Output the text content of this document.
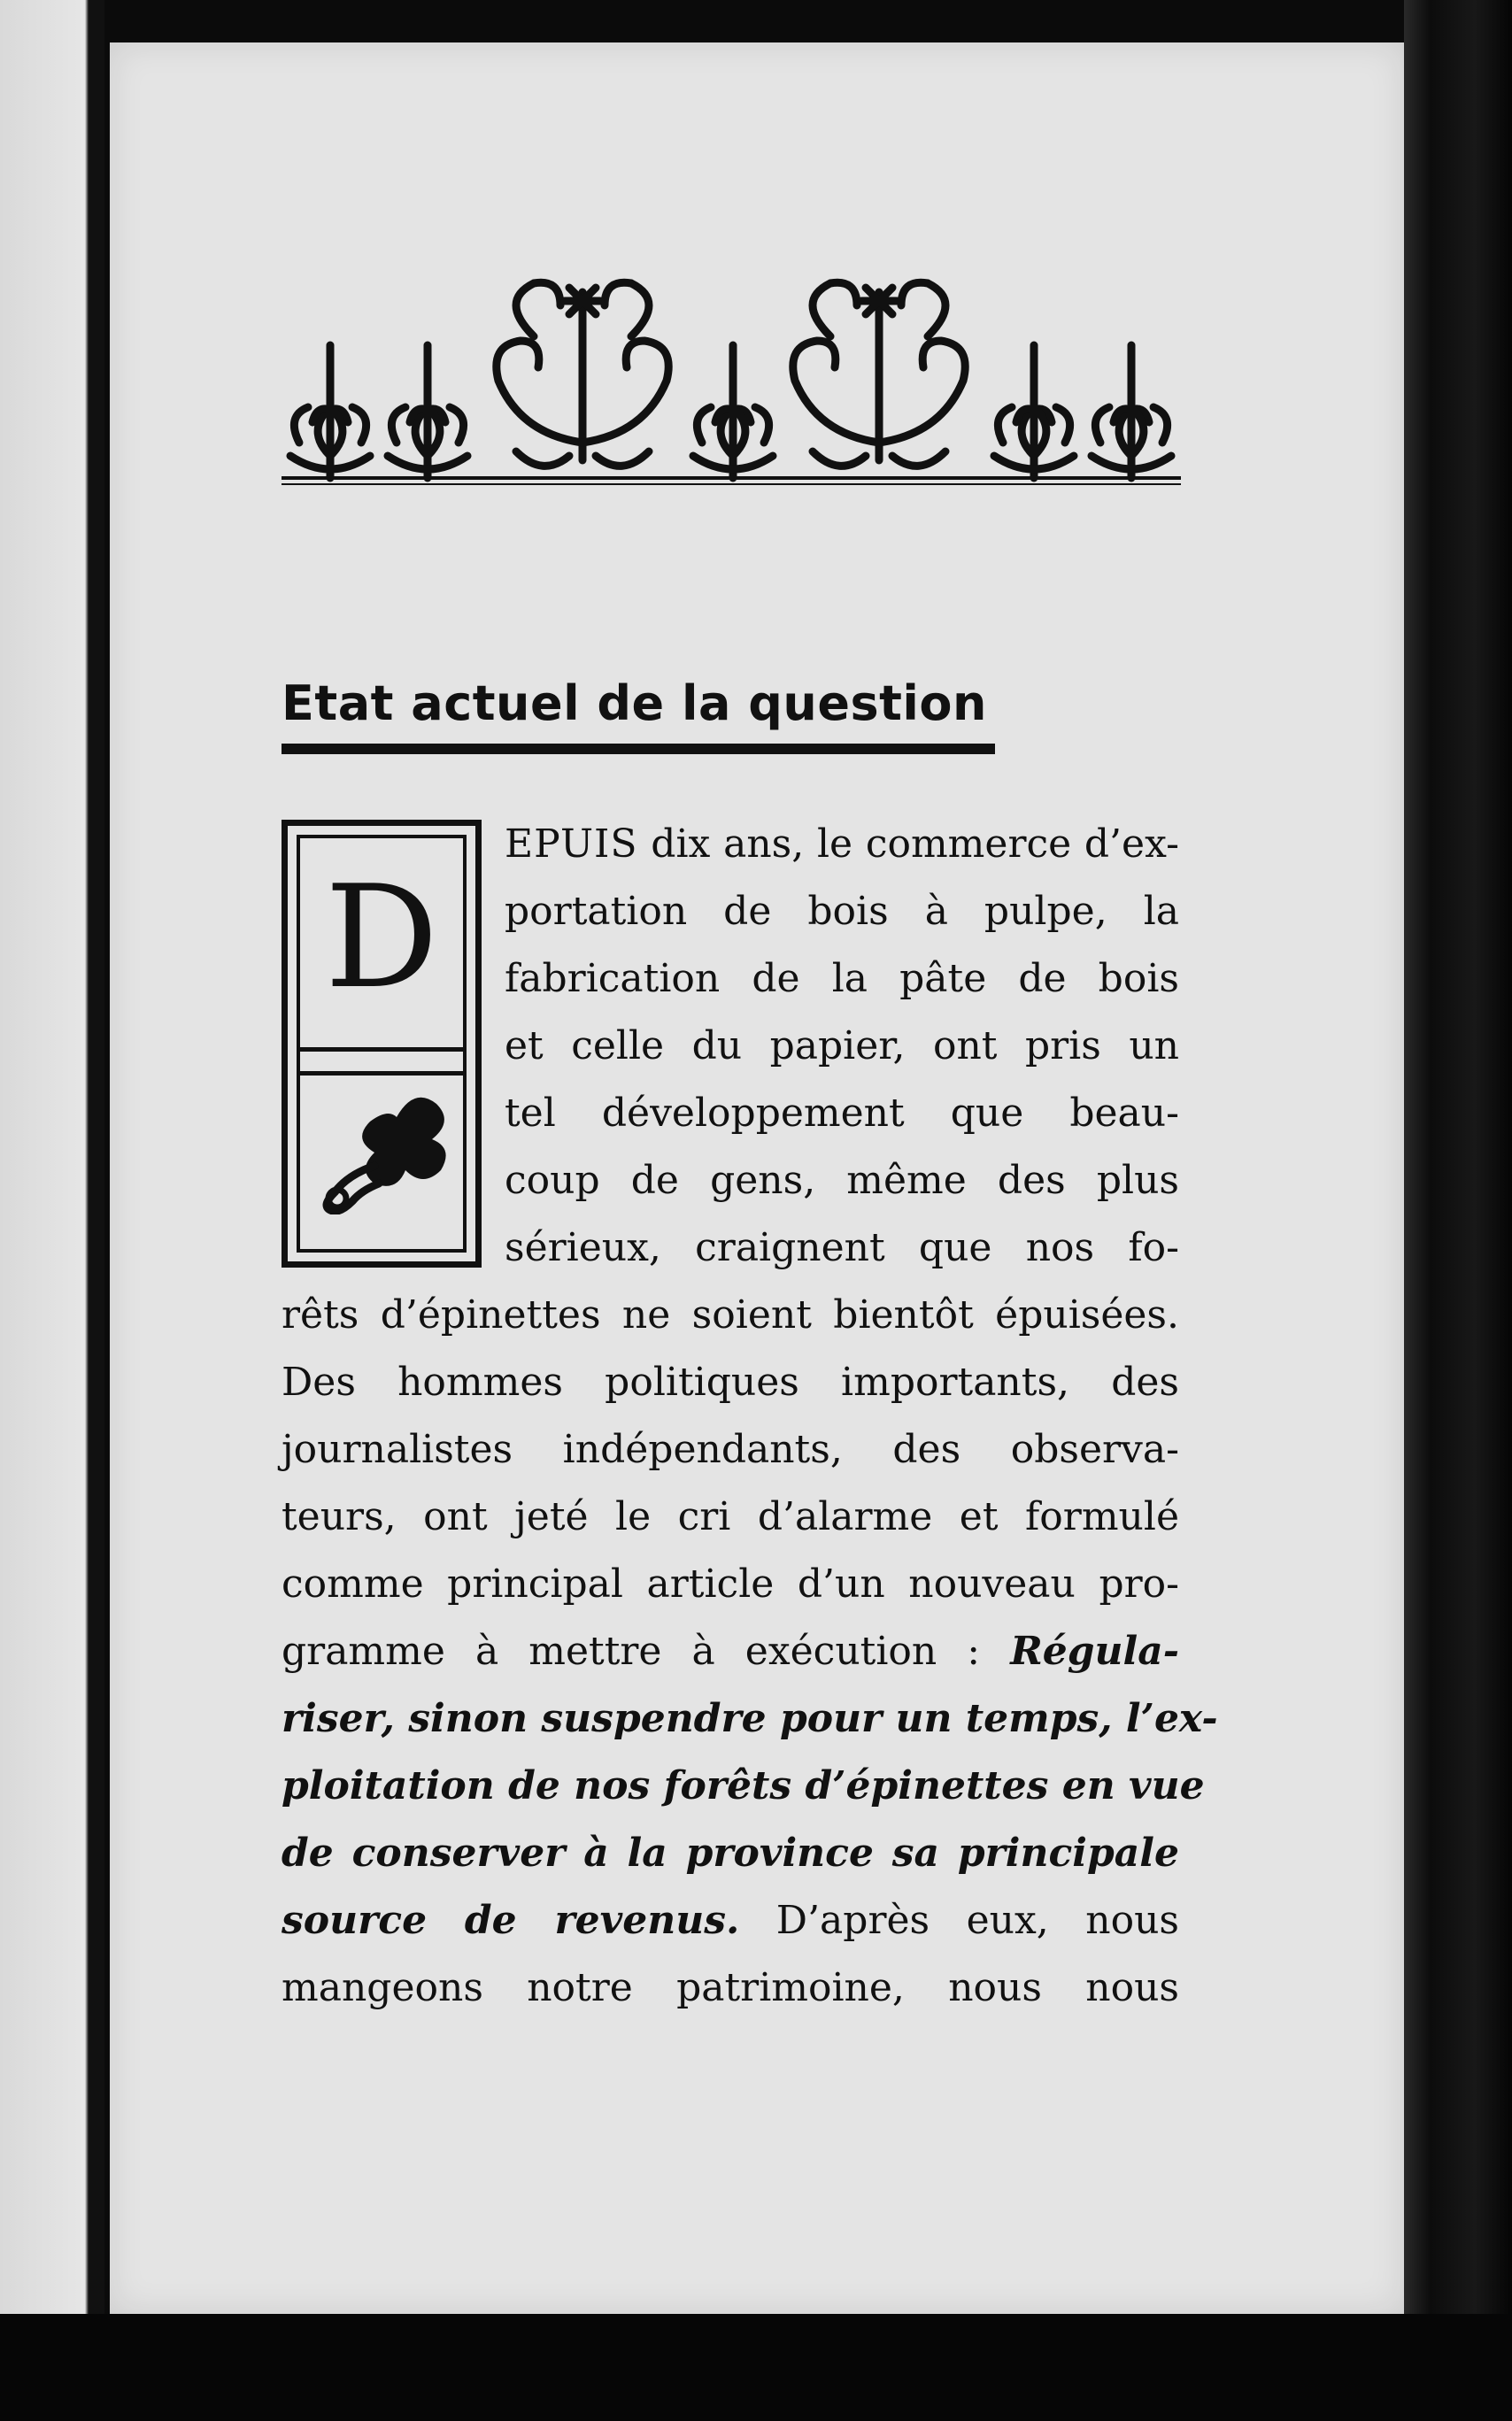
Etat actuel de la question
D
EPUIS dix ans, le commerce d’ex-
portation de bois à pulpe, la
fabrication de la pâte de bois
et celle du papier, ont pris un
tel développement que beau-
coup de gens, même des plus
sérieux, craignent que nos fo-
rêts d’épinettes ne soient bientôt épuisées.
Des hommes politiques importants, des
journalistes indépendants, des observa-
teurs, ont jeté le cri d’alarme et formulé
comme principal article d’un nouveau pro-
gramme à mettre à exécution : Régula-
riser, sinon suspendre pour un temps, l’ex-
ploitation de nos forêts d’épinettes en vue
de conserver à la province sa principale
source de revenus. D’après eux, nous
mangeons notre patrimoine, nous nous
